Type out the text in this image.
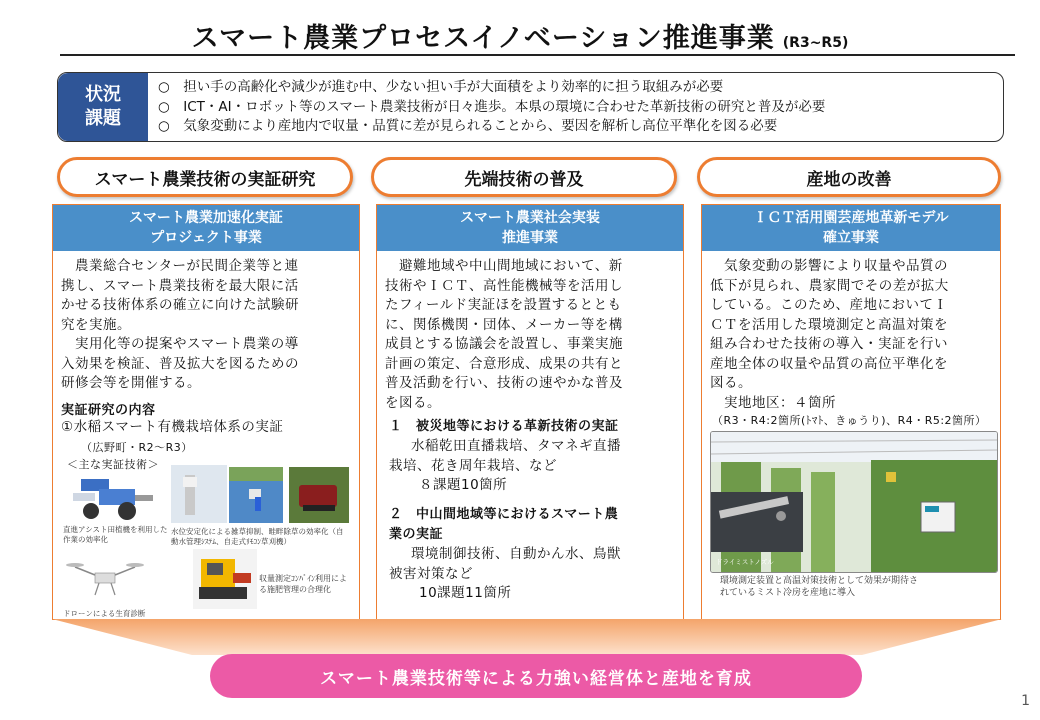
スマート農業プロセスイノベーション推進事業 (R3~R5)
状況
課題
○　担い手の高齢化や減少が進む中、少ない担い手が大面積をより効率的に担う取組みが必要
○　ICT・AI・ロボット等のスマート農業技術が日々進歩。本県の環境に合わせた革新技術の研究と普及が必要
○　気象変動により産地内で収量・品質に差が見られることから、要因を解析し高位平準化を図る必要
スマート農業技術の実証研究	先端技術の普及	産地の改善
スマート農業加速化実証
プロジェクト事業
　農業総合センターが民間企業等と連
携し、スマート農業技術を最大限に活
かせる技術体系の確立に向けた試験研
究を実施。
　実用化等の提案やスマート農業の導
入効果を検証、普及拡大を図るための
研修会等を開催する。
実証研究の内容
①水稲スマート有機栽培体系の実証
（広野町・R2〜R3）
＜主な実証技術＞
直進アシスト田植機を利用した作業の効率化
水位安定化による雑草抑制、畦畔除草の効率化（自動水管理ｼｽﾃﾑ、自走式ﾘﾓｺﾝ草刈機）
ドローンによる生育診断
収量測定ｺﾝﾊﾞｲﾝ利用による施肥管理の合理化
スマート農業社会実装
推進事業
　避難地域や中山間地域において、新
技術やＩＣＴ、高性能機械等を活用し
たフィールド実証ほを設置するととも
に、関係機関・団体、メーカー等を構
成員とする協議会を設置し、事業実施
計画の策定、合意形成、成果の共有と
普及活動を行い、技術の速やかな普及
を図る。
１　被災地等における革新技術の実証
　水稲乾田直播栽培、タマネギ直播
栽培、花き周年栽培、など
　８課題10箇所
２　中山間地域等におけるスマート農
業の実証
　環境制御技術、自動かん水、鳥獣
被害対策など
　10課題11箇所
ＩＣＴ活用園芸産地革新モデル
確立事業
　気象変動の影響により収量や品質の
低下が見られ、農家間でその差が拡大
している。このため、産地においてＩ
ＣＴを活用した環境測定と高温対策を
組み合わせた技術の導入・実証を行い
産地全体の収量や品質の高位平準化を
図る。
　実地地区：４箇所
（R3・R4:2箇所(ﾄﾏﾄ、きゅうり)、R4・R5:2箇所）
ドライミストノズル
環境測定装置と高温対策技術として効果が期待さ
れているミスト冷房を産地に導入
スマート農業技術等による力強い経営体と産地を育成
1
